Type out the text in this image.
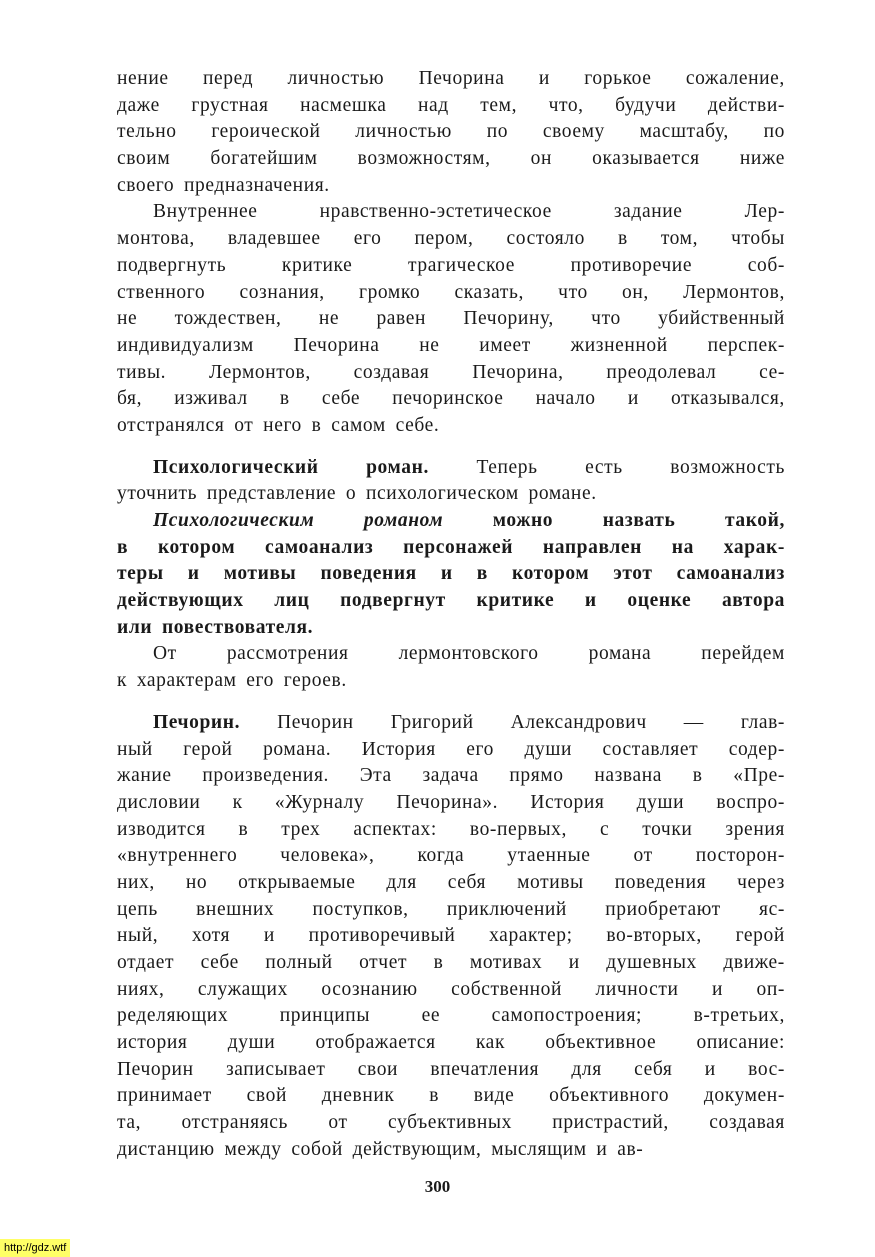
нение перед личностью Печорина и горькое сожаление,
даже грустная насмешка над тем, что, будучи действи-
тельно героической личностью по своему масштабу, по
своим богатейшим возможностям, он оказывается ниже
своего предназначения.
Внутреннее	нравственно-эстетическое	задание	Лер-
монтова, владевшее его пером, состояло в том, чтобы
подвергнуть	критике	трагическое	противоречие	соб-
ственного сознания, громко сказать, что он, Лермонтов,
не тождествен, не равен Печорину, что убийственный
индивидуализм Печорина не имеет жизненной перспек-
тивы. Лермонтов, создавая Печорина, преодолевал се-
бя, изживал в себе печоринское начало и отказывался,
отстранялся от него в самом себе.
Психологический роман. Теперь есть возможность
уточнить представление о психологическом романе.
Психологическим	романом	можно	назвать	такой,
в котором самоанализ персонажей направлен на харак-
теры и мотивы поведения и в котором этот самоанализ
действующих лиц подвергнут критике и оценке автора
или повествователя.
От	рассмотрения	лермонтовского	романа	перейдем
к характерам его героев.
Печорин. Печорин Григорий Александрович — глав-
ный герой романа. История его души составляет содер-
жание произведения. Эта задача прямо названа в «Пре-
дисловии к «Журналу Печорина». История души воспро-
изводится в трех аспектах: во-первых, с точки зрения
«внутреннего человека», когда утаенные от посторон-
них, но открываемые для себя мотивы поведения через
цепь внешних поступков, приключений приобретают яс-
ный, хотя и противоречивый характер; во-вторых, герой
отдает себе полный отчет в мотивах и душевных движе-
ниях, служащих осознанию собственной личности и оп-
ределяющих	принципы	ее	самопостроения;	в-третьих,
история души отображается как объективное описание:
Печорин записывает свои впечатления для себя и вос-
принимает свой дневник в виде объективного докумен-
та, отстраняясь от субъективных пристрастий, создавая
дистанцию между собой действующим, мыслящим и ав-
300
http://gdz.wtf
